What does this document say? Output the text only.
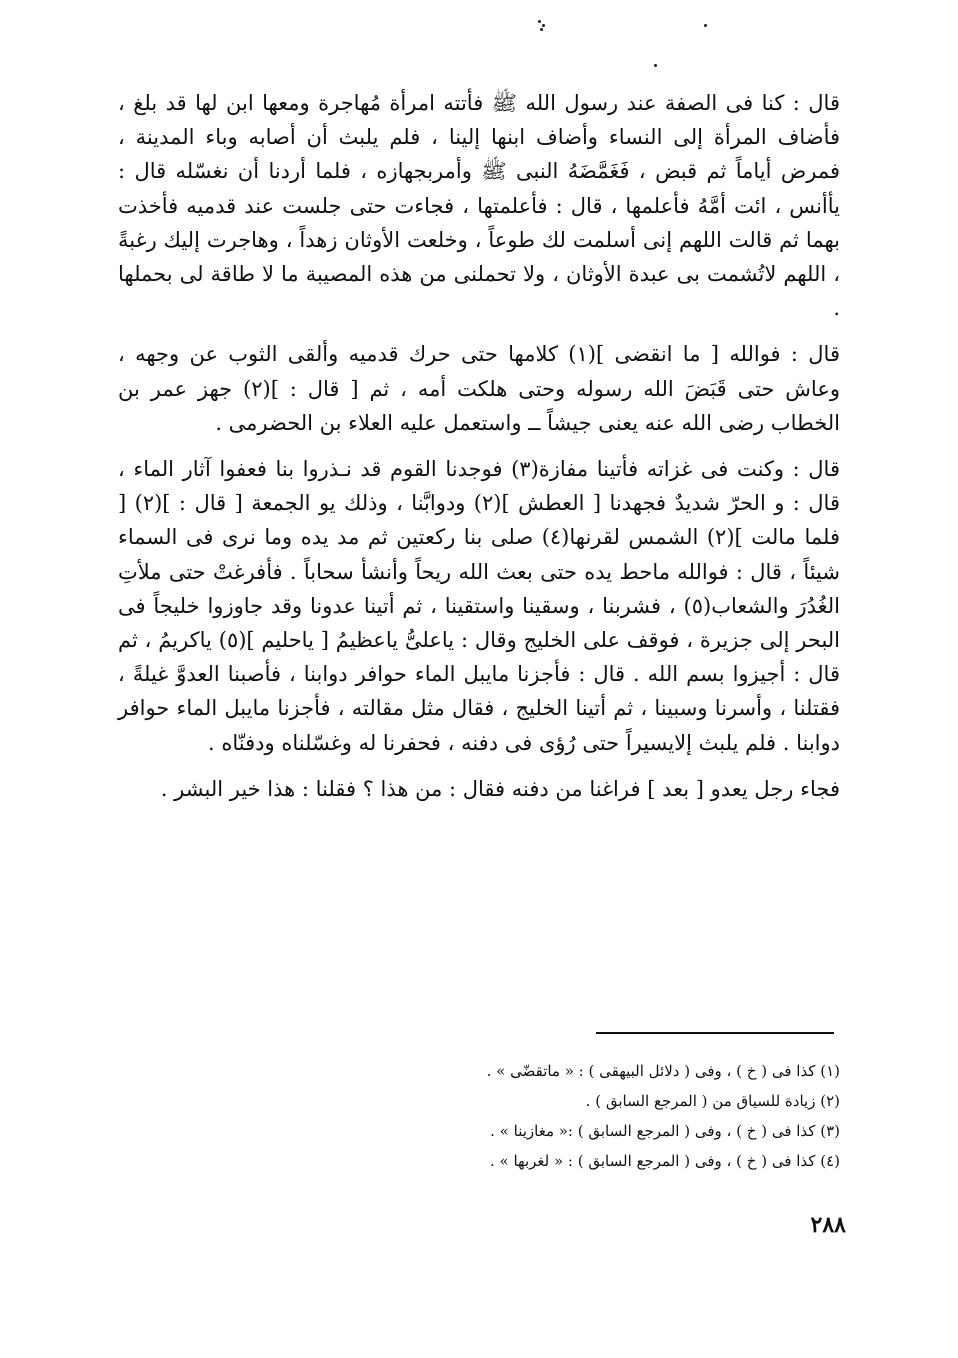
قال : كنا فى الصفة عند رسول الله ﷺ فأتته امرأة مُهاجرة ومعها ابن لها قد بلغ ، فأضاف المرأة إلى النساء وأضاف ابنها إلينا ، فلم يلبث أن أصابه وباء المدينة ، فمرض أياماً ثم قبض ، فَغَمَّضَهُ النبى ﷺ وأمربجهازه ، فلما أردنا أن نغسّله قال : يأأنس ، ائت أمَّهُ فأعلمها ، قال : فأعلمتها ، فجاءت حتى جلست عند قدميه فأخذت بهما ثم قالت اللهم إنى أسلمت لك طوعاً ، وخلعت الأوثان زهداً ، وهاجرت إليك رغبةً ، اللهم لاتُشمت بى عبدة الأوثان ، ولا تحملنى من هذه المصيبة ما لا طاقة لى بحملها .

قال : فوالله [ ما انقضى ](١) كلامها حتى حرك قدميه وألقى الثوب عن وجهه ، وعاش حتى قَبَضَ الله رسوله وحتى هلكت أمه ، ثم [ قال : ](٢) جهز عمر بن الخطاب رضى الله عنه يعنى جيشاً ــ واستعمل عليه العلاء بن الحضرمى .

قال : وكنت فى غزاته فأتينا مفازة(٣) فوجدنا القوم قد نـذروا بنا فعفوا آثار الماء ، قال : و الحرّ شديدٌ فجهدنا [ العطش ](٢) ودوابَّنا ، وذلك يو الجمعة [ قال : ](٢) [ فلما مالت ](٢) الشمس لقرنها(٤) صلى بنا ركعتين ثم مد يده وما نرى فى السماء شيئاً ، قال : فوالله ماحط يده حتى بعث الله ريحاً وأنشأ سحاباً . فأفرغتْ حتى ملأتِ الغُدُرَ والشعاب(٥) ، فشربنا ، وسقينا واستقينا ، ثم أتينا عدونا وقد جاوزوا خليجاً فى البحر إلى جزيرة ، فوقف على الخليج وقال : ياعلىُّ ياعظيمُ [ ياحليم ](٥) ياكريمُ ، ثم قال : أجيزوا بسم الله . قال : فأجزنا مايبل الماء حوافر دوابنا ، فأصبنا العدوَّ غيلةً ، فقتلنا ، وأسرنا وسبينا ، ثم أتينا الخليج ، فقال مثل مقالته ، فأجزنا مايبل الماء حوافر دوابنا . فلم يلبث إلايسيراً حتى رُؤى فى دفنه ، فحفرنا له وغسّلناه ودفنّاه .

فجاء رجل يعدو [ بعد ] فراغنا من دفنه فقال : من هذا ؟ فقلنا : هذا خير البشر .

(١) كذا فى ( خ ) ، وفى ( دلائل البيهقى ) : « ماتقضّى » .
(٢) زيادة للسياق من ( المرجع السابق ) .
(٣) كذا فى ( خ ) ، وفى ( المرجع السابق ) :« مغازينا » .
(٤) كذا فى ( خ ) ، وفى ( المرجع السابق ) : « لغربها » .
٢٨٨
